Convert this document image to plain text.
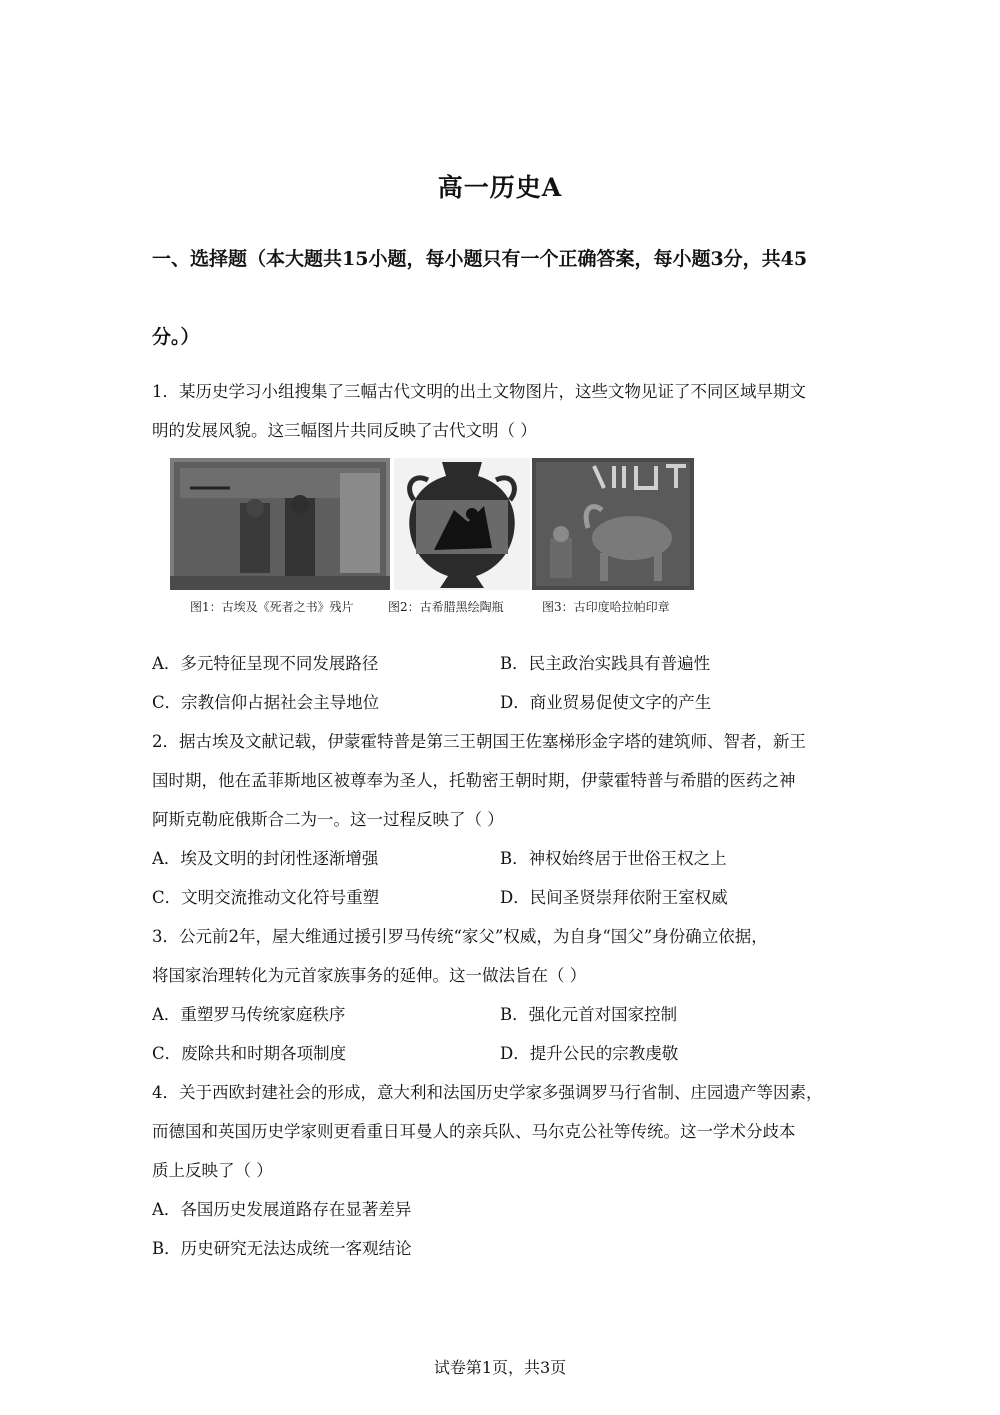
高一历史A
一、选择题（本大题共15小题，每小题只有一个正确答案，每小题3分，共45
分。）
1．某历史学习小组搜集了三幅古代文明的出土文物图片，这些文物见证了不同区域早期文
明的发展风貌。这三幅图片共同反映了古代文明（ ）
图1：古埃及《死者之书》残片	图2：古希腊黑绘陶瓶	图3：古印度哈拉帕印章
A．多元特征呈现不同发展路径	B．民主政治实践具有普遍性
C．宗教信仰占据社会主导地位	D．商业贸易促使文字的产生
2．据古埃及文献记载，伊蒙霍特普是第三王朝国王佐塞梯形金字塔的建筑师、智者，新王
国时期，他在孟菲斯地区被尊奉为圣人，托勒密王朝时期，伊蒙霍特普与希腊的医药之神
阿斯克勒庇俄斯合二为一。这一过程反映了（ ）
A．埃及文明的封闭性逐渐增强	B．神权始终居于世俗王权之上
C．文明交流推动文化符号重塑	D．民间圣贤崇拜依附王室权威
3．公元前2年，屋大维通过援引罗马传统“家父”权威，为自身“国父”身份确立依据，
将国家治理转化为元首家族事务的延伸。这一做法旨在（ ）
A．重塑罗马传统家庭秩序	B．强化元首对国家控制
C．废除共和时期各项制度	D．提升公民的宗教虔敬
4．关于西欧封建社会的形成，意大利和法国历史学家多强调罗马行省制、庄园遗产等因素，
而德国和英国历史学家则更看重日耳曼人的亲兵队、马尔克公社等传统。这一学术分歧本
质上反映了（ ）
A．各国历史发展道路存在显著差异
B．历史研究无法达成统一客观结论
试卷第1页，共3页
